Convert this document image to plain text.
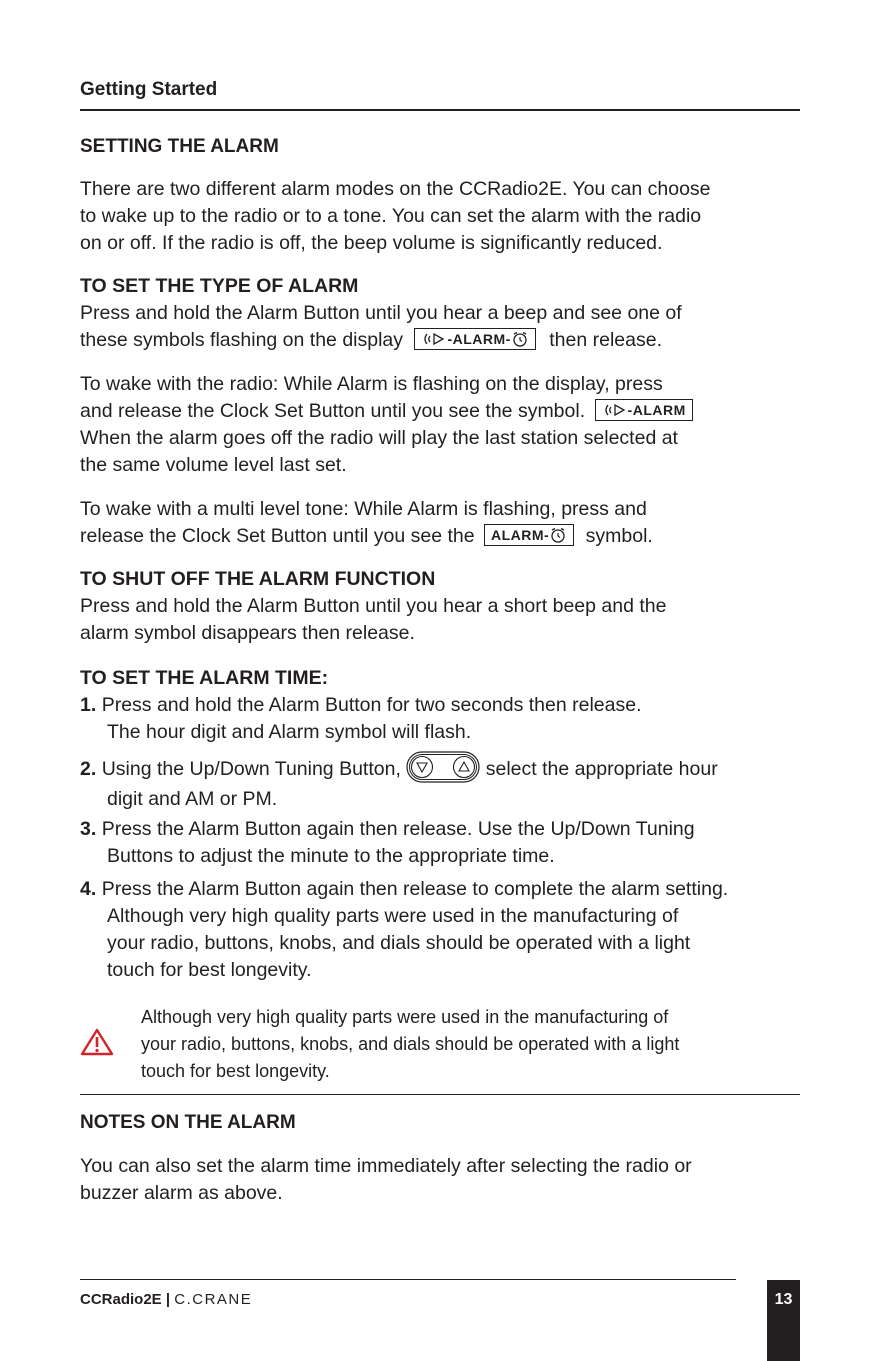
Getting Started
SETTING THE ALARM
There are two different alarm modes on the CCRadio2E. You can choose
to wake up to the radio or to a tone. You can set the alarm with the radio
on or off. If the radio is off, the beep volume is significantly reduced.
TO SET THE TYPE OF ALARM
Press and hold the Alarm Button until you hear a beep and see one of
these symbols flashing on the display	-ALARM- then release.
To wake with the radio: While Alarm is flashing on the display, press
and release the Clock Set Button until you see the symbol.	-ALARM
When the alarm goes off the radio will play the last station selected at
the same volume level last set.
To wake with a multi level tone: While Alarm is flashing, press and
release the Clock Set Button until you see the ALARM- symbol.
TO SHUT OFF THE ALARM FUNCTION
Press and hold the Alarm Button until you hear a short beep and the
alarm symbol disappears then release.
TO SET THE ALARM TIME:
1. Press and hold the Alarm Button for two seconds then release.
The hour digit and Alarm symbol will flash.
2. Using the Up/Down Tuning Button,	select the appropriate hour
digit and AM or PM.
3. Press the Alarm Button again then release. Use the Up/Down Tuning
Buttons to adjust the minute to the appropriate time.
4. Press the Alarm Button again then release to complete the alarm setting.
Although very high quality parts were used in the manufacturing of
your radio, buttons, knobs, and dials should be operated with a light
touch for best longevity.
Although very high quality parts were used in the manufacturing of
your radio, buttons, knobs, and dials should be operated with a light
touch for best longevity.
NOTES ON THE ALARM
You can also set the alarm time immediately after selecting the radio or
buzzer alarm as above.
CCRadio2E | C.CRANE	13
